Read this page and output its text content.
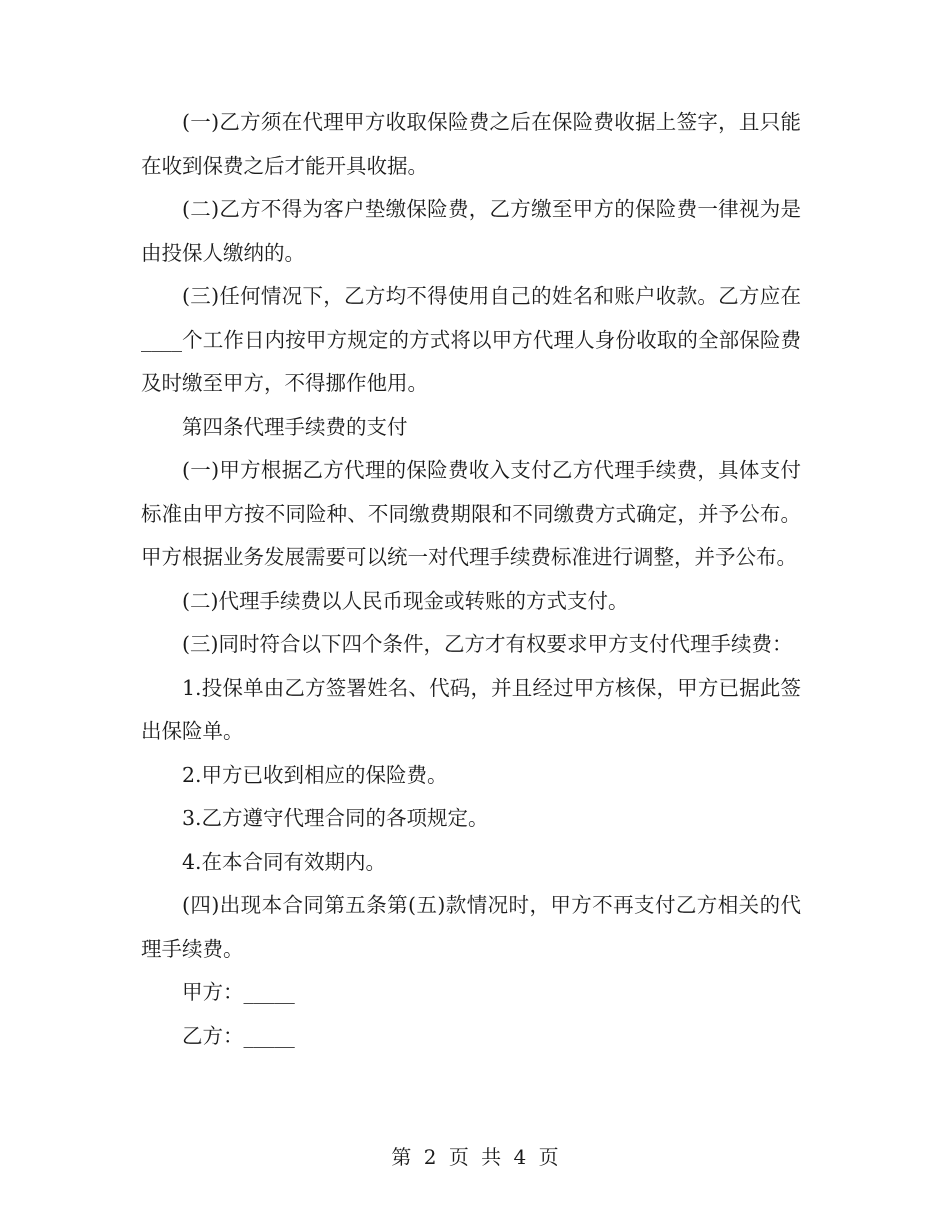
(一)乙方须在代理甲方收取保险费之后在保险费收据上签字，且只能在收到保费之后才能开具收据。

(二)乙方不得为客户垫缴保险费，乙方缴至甲方的保险费一律视为是由投保人缴纳的。

(三)任何情况下，乙方均不得使用自己的姓名和账户收款。乙方应在____个工作日内按甲方规定的方式将以甲方代理人身份收取的全部保险费及时缴至甲方，不得挪作他用。

第四条代理手续费的支付

(一)甲方根据乙方代理的保险费收入支付乙方代理手续费，具体支付标准由甲方按不同险种、不同缴费期限和不同缴费方式确定，并予公布。甲方根据业务发展需要可以统一对代理手续费标准进行调整，并予公布。

(二)代理手续费以人民币现金或转账的方式支付。

(三)同时符合以下四个条件，乙方才有权要求甲方支付代理手续费：

1.投保单由乙方签署姓名、代码，并且经过甲方核保，甲方已据此签出保险单。

2.甲方已收到相应的保险费。

3.乙方遵守代理合同的各项规定。

4.在本合同有效期内。

(四)出现本合同第五条第(五)款情况时，甲方不再支付乙方相关的代理手续费。

甲方：_____

乙方：_____

第 2 页 共 4 页
